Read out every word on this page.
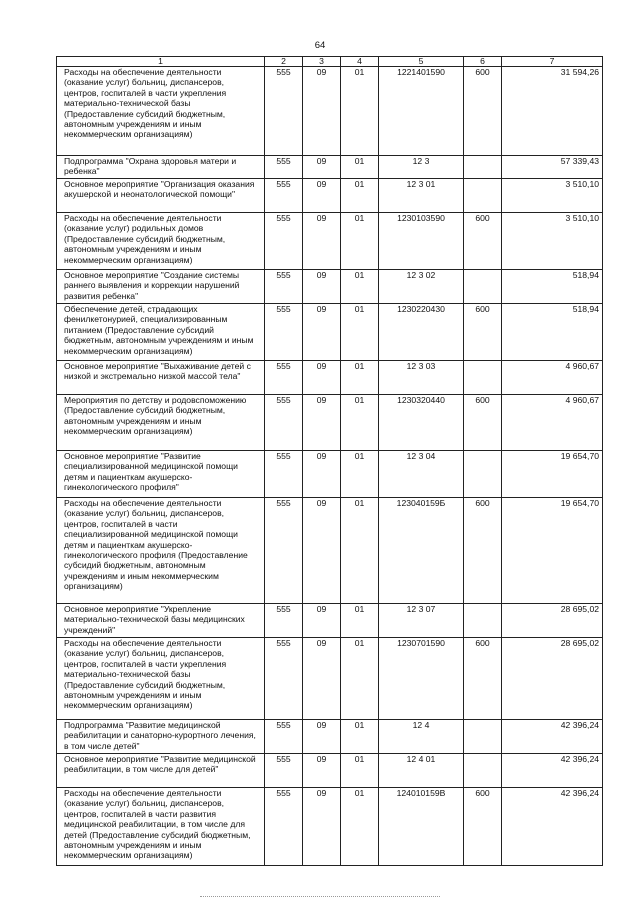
64
1	2	3	4	5	6	7
Расходы на обеспечение деятельности (оказание услуг) больниц, диспансеров, центров, госпиталей в части укрепления материально-технической базы (Предоставление субсидий бюджетным, автономным учреждениям и иным некоммерческим организациям)	555	09	01	1221401590	600	31 594,26
Подпрограмма "Охрана здоровья матери и ребенка"	555	09	01	12 3		57 339,43
Основное мероприятие "Организация оказания акушерской и неонатологической помощи"	555	09	01	12 3 01		3 510,10
Расходы на обеспечение деятельности (оказание услуг) родильных домов (Предоставление субсидий бюджетным, автономным учреждениям и иным некоммерческим организациям)	555	09	01	1230103590	600	3 510,10
Основное мероприятие "Создание системы раннего выявления и коррекции нарушений развития ребенка"	555	09	01	12 3 02		518,94
Обеспечение детей, страдающих фенилкетонурией, специализированным питанием (Предоставление субсидий бюджетным, автономным учреждениям и иным некоммерческим организациям)	555	09	01	1230220430	600	518,94
Основное мероприятие "Выхаживание детей с низкой и экстремально низкой массой тела"	555	09	01	12 3 03		4 960,67
Мероприятия по детству и родовспоможению (Предоставление субсидий бюджетным, автономным учреждениям и иным некоммерческим организациям)	555	09	01	1230320440	600	4 960,67
Основное мероприятие "Развитие специализированной медицинской помощи детям и пациенткам акушерско-гинекологического профиля"	555	09	01	12 3 04		19 654,70
Расходы на обеспечение деятельности (оказание услуг) больниц, диспансеров, центров, госпиталей в части специализированной медицинской помощи детям и пациенткам акушерско-гинекологического профиля (Предоставление субсидий бюджетным, автономным учреждениям и иным некоммерческим организациям)	555	09	01	123040159Б	600	19 654,70
Основное мероприятие "Укрепление материально-технической базы медицинских учреждений"	555	09	01	12 3 07		28 695,02
Расходы на обеспечение деятельности (оказание услуг) больниц, диспансеров, центров, госпиталей в части укрепления материально-технической базы (Предоставление субсидий бюджетным, автономным учреждениям и иным некоммерческим организациям)	555	09	01	1230701590	600	28 695,02
Подпрограмма "Развитие медицинской реабилитации и санаторно-курортного лечения, в том числе детей"	555	09	01	12 4		42 396,24
Основное мероприятие "Развитие медицинской реабилитации, в том числе для детей"	555	09	01	12 4 01		42 396,24
Расходы на обеспечение деятельности (оказание услуг) больниц, диспансеров, центров, госпиталей в части развития медицинской реабилитации, в том числе для детей (Предоставление субсидий бюджетным, автономным учреждениям и иным некоммерческим организациям)	555	09	01	124010159В	600	42 396,24
